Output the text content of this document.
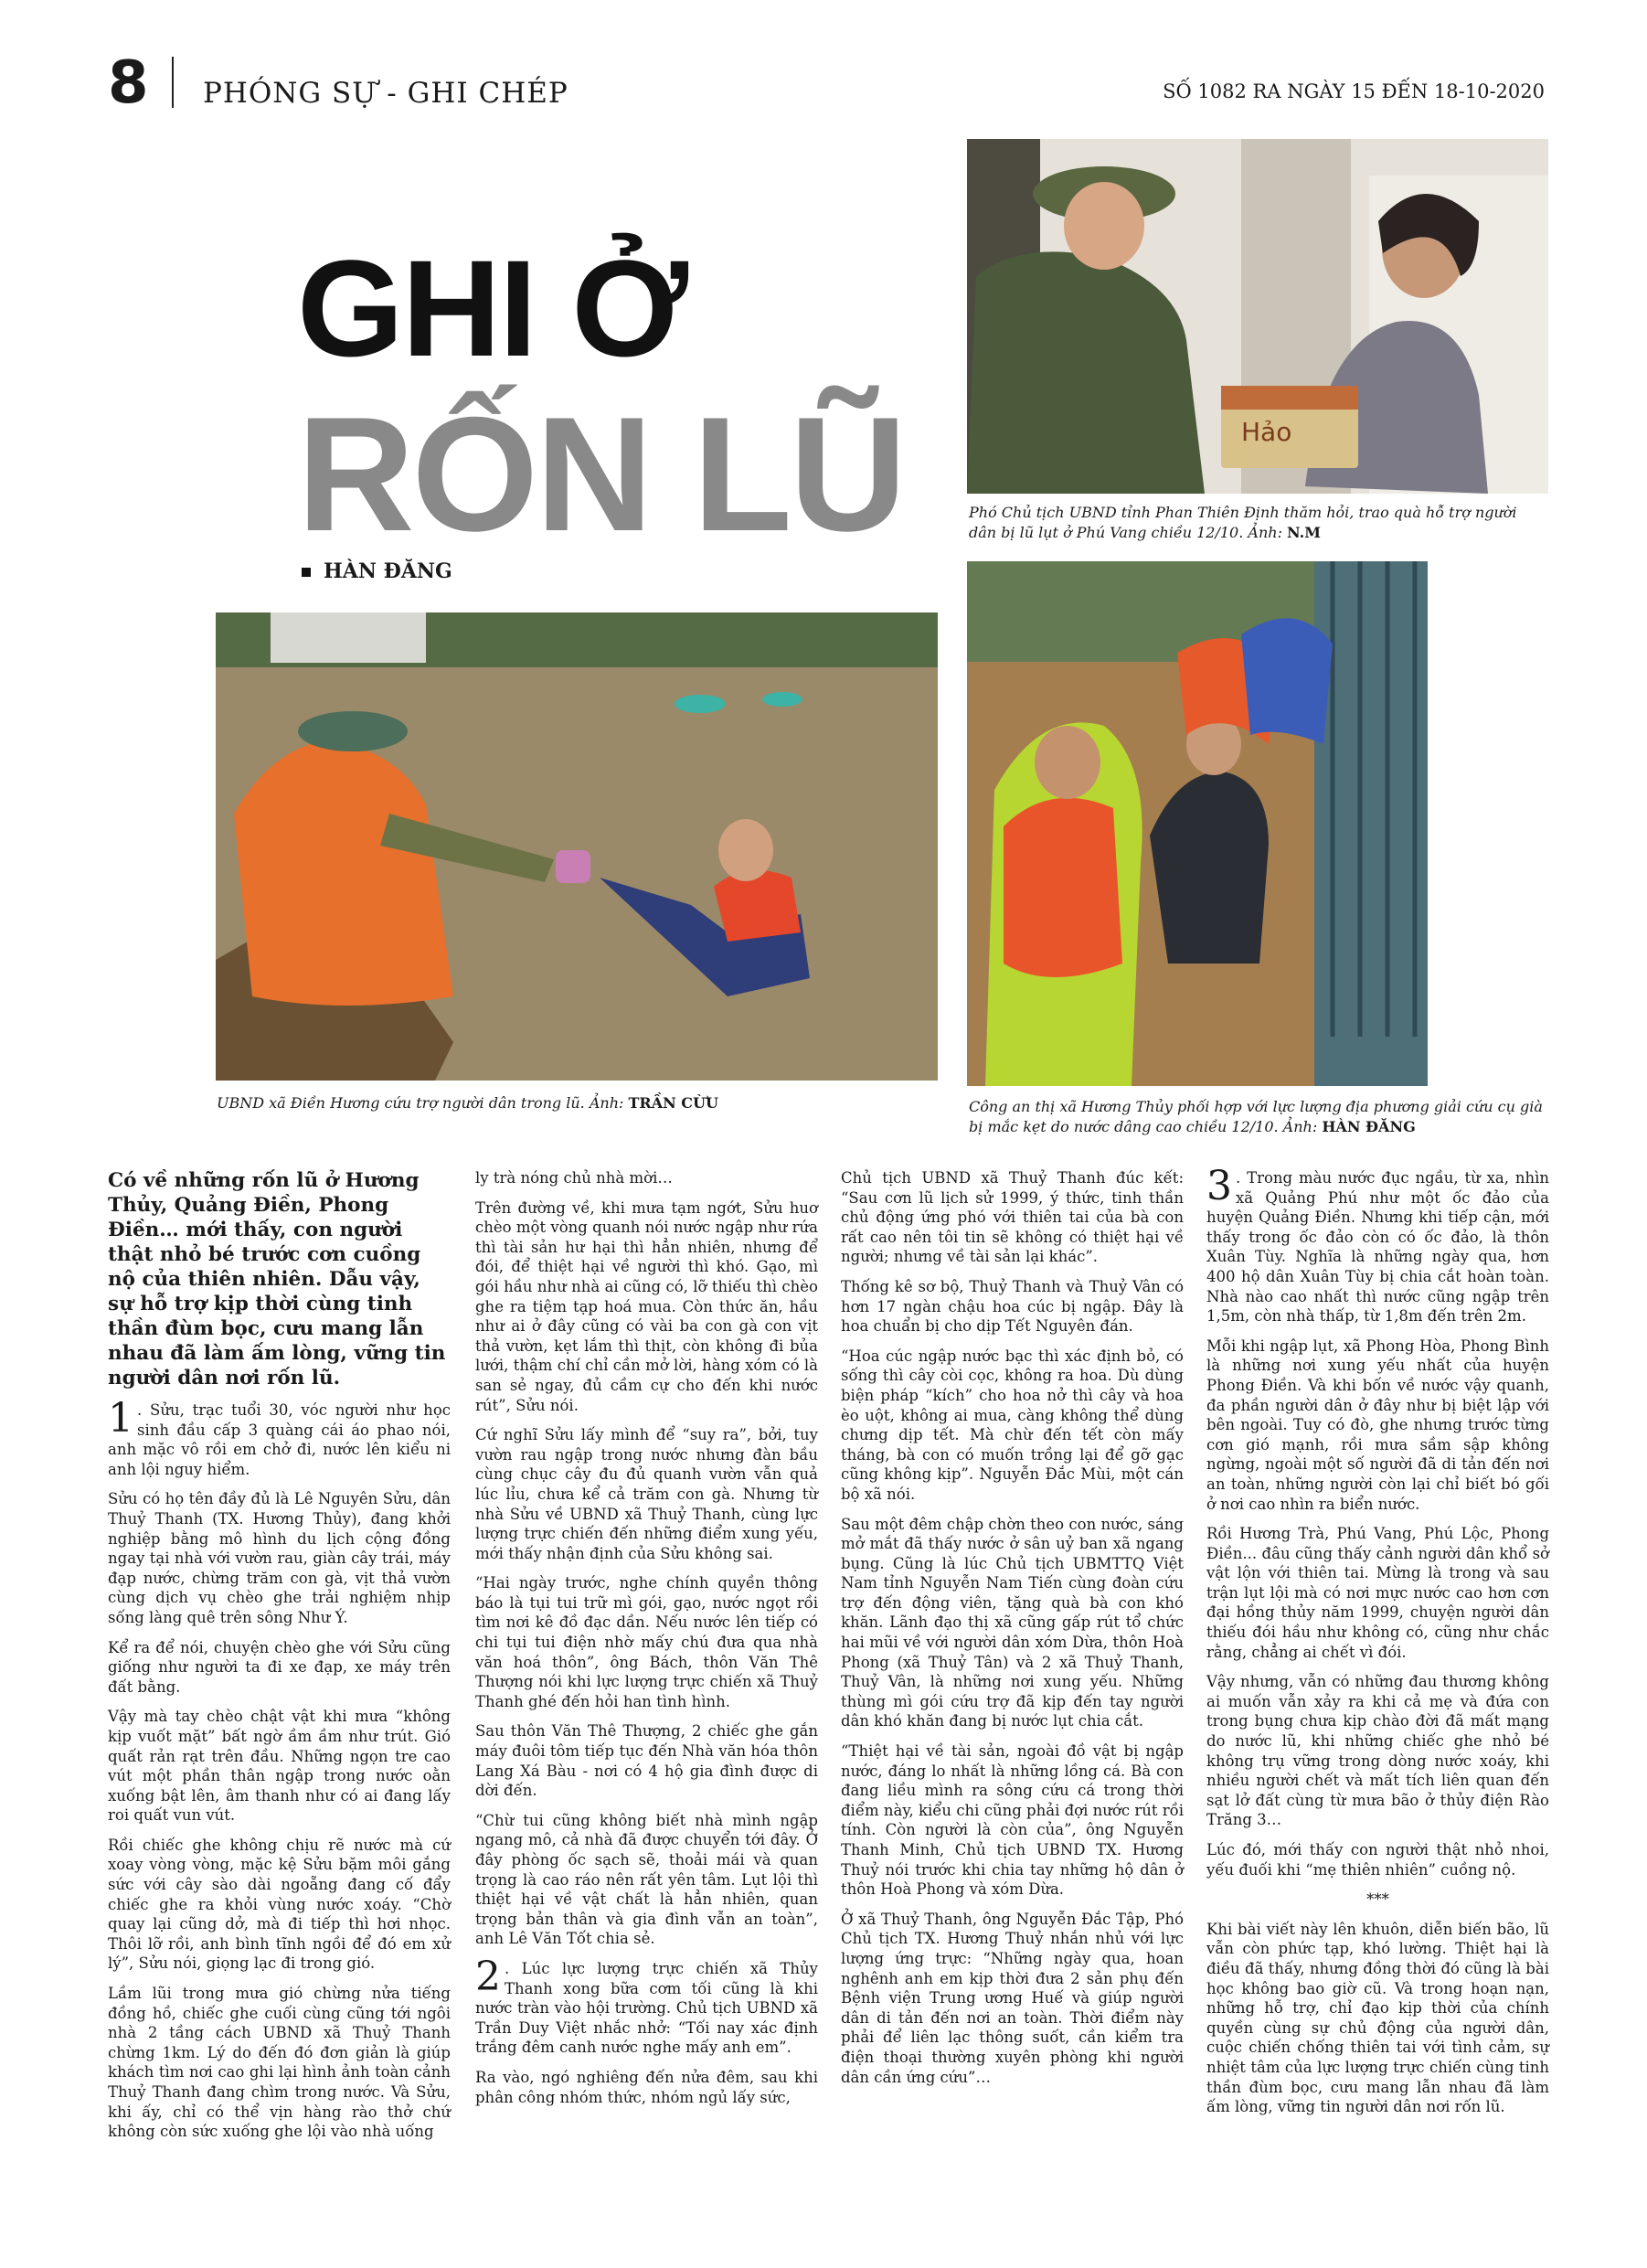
8 PHÓNG SỰ - GHI CHÉP	SỐ 1082 RA NGÀY 15 ĐẾN 18-10-2020
GHI Ở
RỐN LŨ
HÀN ĐĂNG
Hảo
Phó Chủ tịch UBND tỉnh Phan Thiên Định thăm hỏi, trao quà hỗ trợ người dân bị lũ lụt ở Phú Vang chiều 12/10. Ảnh: N.M
UBND xã Điền Hương cứu trợ người dân trong lũ. Ảnh: TRẦN CỪU	Công an thị xã Hương Thủy phối hợp với lực lượng địa phương giải cứu cụ già bị mắc kẹt do nước dâng cao chiều 12/10. Ảnh: HÀN ĐĂNG

Có về những rốn lũ ở Hương Thủy, Quảng Điền, Phong Điền… mới thấy, con người thật nhỏ bé trước cơn cuồng nộ của thiên nhiên. Dẫu vậy, sự hỗ trợ kịp thời cùng tinh thần đùm bọc, cưu mang lẫn nhau đã làm ấm lòng, vững tin người dân nơi rốn lũ.

1 . Sửu, trạc tuổi 30, vóc người như học sinh đầu cấp 3 quàng cái áo phao nói, anh mặc vô rồi em chở đi, nước lên kiểu ni anh lội nguy hiểm.

Sửu có họ tên đầy đủ là Lê Nguyên Sửu, dân Thuỷ Thanh (TX. Hương Thủy), đang khởi nghiệp bằng mô hình du lịch cộng đồng ngay tại nhà với vườn rau, giàn cây trái, máy đạp nước, chừng trăm con gà, vịt thả vườn cùng dịch vụ chèo ghe trải nghiệm nhịp sống làng quê trên sông Như Ý.

Kể ra để nói, chuyện chèo ghe với Sửu cũng giống như người ta đi xe đạp, xe máy trên đất bằng.

Vậy mà tay chèo chật vật khi mưa “không kịp vuốt mặt” bất ngờ ầm ầm như trút. Gió quất rản rạt trên đầu. Những ngọn tre cao vút một phần thân ngập trong nước oằn xuống bật lên, âm thanh như có ai đang lấy roi quất vun vút.

Rồi chiếc ghe không chịu rẽ nước mà cứ xoay vòng vòng, mặc kệ Sửu bặm môi gắng sức với cây sào dài ngoẵng đang cố đẩy chiếc ghe ra khỏi vùng nước xoáy. “Chờ quay lại cũng dở, mà đi tiếp thì hơi nhọc. Thôi lỡ rồi, anh bình tĩnh ngồi để đó em xử lý”, Sửu nói, giọng lạc đi trong gió.

Lầm lũi trong mưa gió chừng nửa tiếng đồng hồ, chiếc ghe cuối cùng cũng tới ngôi nhà 2 tầng cách UBND xã Thuỷ Thanh chừng 1km. Lý do đến đó đơn giản là giúp khách tìm nơi cao ghi lại hình ảnh toàn cảnh Thuỷ Thanh đang chìm trong nước. Và Sửu, khi ấy, chỉ có thể vịn hàng rào thở chứ không còn sức xuống ghe lội vào nhà uống

ly trà nóng chủ nhà mời…

Trên đường về, khi mưa tạm ngớt, Sửu huơ chèo một vòng quanh nói nước ngập như rứa thì tài sản hư hại thì hẳn nhiên, nhưng để đói, để thiệt hại về người thì khó. Gạo, mì gói hầu như nhà ai cũng có, lỡ thiếu thì chèo ghe ra tiệm tạp hoá mua. Còn thức ăn, hầu như ai ở đây cũng có vài ba con gà con vịt thả vườn, kẹt lắm thì thịt, còn không đi bủa lưới, thậm chí chỉ cần mở lời, hàng xóm có là san sẻ ngay, đủ cầm cự cho đến khi nước rút”, Sửu nói.

Cứ nghĩ Sửu lấy mình để “suy ra”, bởi, tuy vườn rau ngập trong nước nhưng đàn bầu cùng chục cây đu đủ quanh vườn vẫn quả lúc lỉu, chưa kể cả trăm con gà. Nhưng từ nhà Sửu về UBND xã Thuỷ Thanh, cùng lực lượng trực chiến đến những điểm xung yếu, mới thấy nhận định của Sửu không sai.

“Hai ngày trước, nghe chính quyền thông báo là tụi tui trữ mì gói, gạo, nước ngọt rồi tìm nơi kê đồ đạc dần. Nếu nước lên tiếp có chi tụi tui điện nhờ mấy chú đưa qua nhà văn hoá thôn”, ông Bách, thôn Văn Thê Thượng nói khi lực lượng trực chiến xã Thuỷ Thanh ghé đến hỏi han tình hình.

Sau thôn Văn Thê Thượng, 2 chiếc ghe gắn máy đuôi tôm tiếp tục đến Nhà văn hóa thôn Lang Xá Bàu - nơi có 4 hộ gia đình được di dời đến.

“Chừ tui cũng không biết nhà mình ngập ngang mô, cả nhà đã được chuyển tới đây. Ở đây phòng ốc sạch sẽ, thoải mái và quan trọng là cao ráo nên rất yên tâm. Lụt lội thì thiệt hại về vật chất là hẳn nhiên, quan trọng bản thân và gia đình vẫn an toàn”, anh Lê Văn Tốt chia sẻ.

2 . Lúc lực lượng trực chiến xã Thủy Thanh xong bữa cơm tối cũng là khi nước tràn vào hội trường. Chủ tịch UBND xã Trần Duy Việt nhắc nhở: “Tối nay xác định trắng đêm canh nước nghe mấy anh em”.

Ra vào, ngó nghiêng đến nửa đêm, sau khi phân công nhóm thức, nhóm ngủ lấy sức,

Chủ tịch UBND xã Thuỷ Thanh đúc kết: “Sau cơn lũ lịch sử 1999, ý thức, tinh thần chủ động ứng phó với thiên tai của bà con rất cao nên tôi tin sẽ không có thiệt hại về người; nhưng về tài sản lại khác”.

Thống kê sơ bộ, Thuỷ Thanh và Thuỷ Vân có hơn 17 ngàn chậu hoa cúc bị ngập. Đây là hoa chuẩn bị cho dịp Tết Nguyên đán.

“Hoa cúc ngập nước bạc thì xác định bỏ, có sống thì cây còi cọc, không ra hoa. Dù dùng biện pháp “kích” cho hoa nở thì cây và hoa èo uột, không ai mua, càng không thể dùng chưng dịp tết. Mà chừ đến tết còn mấy tháng, bà con có muốn trồng lại để gỡ gạc cũng không kịp”. Nguyễn Đắc Mùi, một cán bộ xã nói.

Sau một đêm chập chờn theo con nước, sáng mở mắt đã thấy nước ở sân uỷ ban xã ngang bụng. Cũng là lúc Chủ tịch UBMTTQ Việt Nam tỉnh Nguyễn Nam Tiến cùng đoàn cứu trợ đến động viên, tặng quà bà con khó khăn. Lãnh đạo thị xã cũng gấp rút tổ chức hai mũi về với người dân xóm Dừa, thôn Hoà Phong (xã Thuỷ Tân) và 2 xã Thuỷ Thanh, Thuỷ Vân, là những nơi xung yếu. Những thùng mì gói cứu trợ đã kịp đến tay người dân khó khăn đang bị nước lụt chia cắt.

“Thiệt hại về tài sản, ngoài đồ vật bị ngập nước, đáng lo nhất là những lồng cá. Bà con đang liều mình ra sông cứu cá trong thời điểm này, kiểu chi cũng phải đợi nước rút rồi tính. Còn người là còn của”, ông Nguyễn Thanh Minh, Chủ tịch UBND TX. Hương Thuỷ nói trước khi chia tay những hộ dân ở thôn Hoà Phong và xóm Dừa.

Ở xã Thuỷ Thanh, ông Nguyễn Đắc Tập, Phó Chủ tịch TX. Hương Thuỷ nhắn nhủ với lực lượng ứng trực: “Những ngày qua, hoan nghênh anh em kịp thời đưa 2 sản phụ đến Bệnh viện Trung ương Huế và giúp người dân di tản đến nơi an toàn. Thời điểm này phải để liên lạc thông suốt, cần kiểm tra điện thoại thường xuyên phòng khi người dân cần ứng cứu”…

3 . Trong màu nước đục ngầu, từ xa, nhìn xã Quảng Phú như một ốc đảo của huyện Quảng Điền. Nhưng khi tiếp cận, mới thấy trong ốc đảo còn có ốc đảo, là thôn Xuân Tùy. Nghĩa là những ngày qua, hơn 400 hộ dân Xuân Tùy bị chia cắt hoàn toàn. Nhà nào cao nhất thì nước cũng ngập trên 1,5m, còn nhà thấp, từ 1,8m đến trên 2m.

Mỗi khi ngập lụt, xã Phong Hòa, Phong Bình là những nơi xung yếu nhất của huyện Phong Điền. Và khi bốn về nước vậy quanh, đa phần người dân ở đây như bị biệt lập với bên ngoài. Tuy có đò, ghe nhưng trước từng cơn gió mạnh, rồi mưa sầm sập không ngừng, ngoài một số người đã di tản đến nơi an toàn, những người còn lại chỉ biết bó gối ở nơi cao nhìn ra biển nước.

Rồi Hương Trà, Phú Vang, Phú Lộc, Phong Điền... đâu cũng thấy cảnh người dân khổ sở vật lộn với thiên tai. Mừng là trong và sau trận lụt lội mà có nơi mực nước cao hơn cơn đại hồng thủy năm 1999, chuyện người dân thiếu đói hầu như không có, cũng như chắc rằng, chẳng ai chết vì đói.

Vậy nhưng, vẫn có những đau thương không ai muốn vẫn xảy ra khi cả mẹ và đứa con trong bụng chưa kịp chào đời đã mất mạng do nước lũ, khi những chiếc ghe nhỏ bé không trụ vững trong dòng nước xoáy, khi nhiều người chết và mất tích liên quan đến sạt lở đất cùng từ mưa bão ở thủy điện Rào Trăng 3…

Lúc đó, mới thấy con người thật nhỏ nhoi, yếu đuối khi “mẹ thiên nhiên” cuồng nộ.

***

Khi bài viết này lên khuôn, diễn biến bão, lũ vẫn còn phức tạp, khó lường. Thiệt hại là điều đã thấy, nhưng đồng thời đó cũng là bài học không bao giờ cũ. Và trong hoạn nạn, những hỗ trợ, chỉ đạo kịp thời của chính quyền cùng sự chủ động của người dân, cuộc chiến chống thiên tai với tình cảm, sự nhiệt tâm của lực lượng trực chiến cùng tinh thần đùm bọc, cưu mang lẫn nhau đã làm ấm lòng, vững tin người dân nơi rốn lũ.
